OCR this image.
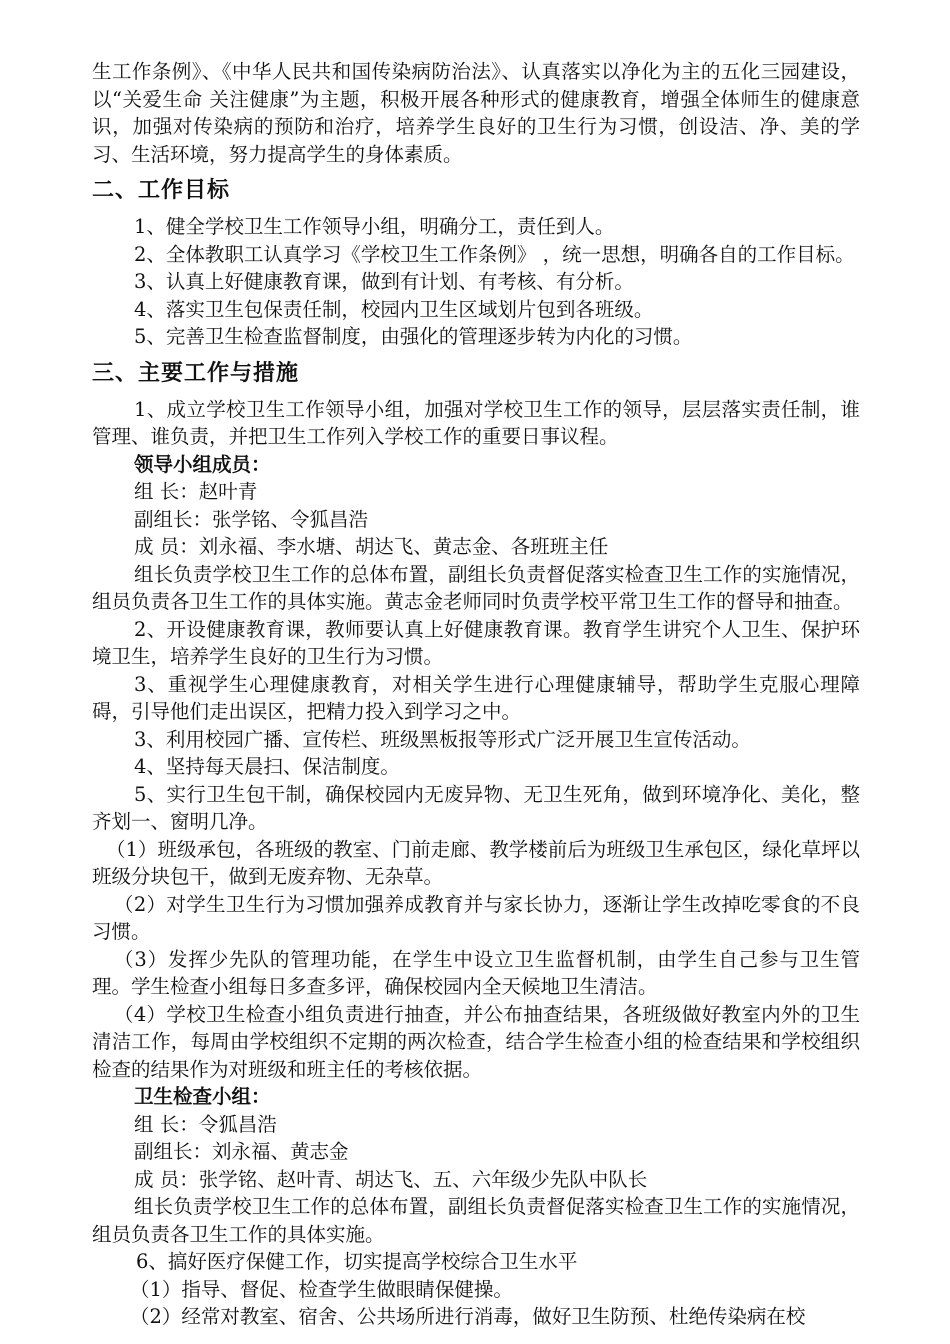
生工作条例》、《中华人民共和国传染病防治法》、认真落实以净化为主的五化三园建设，以“关爱生命 关注健康”为主题，积极开展各种形式的健康教育，增强全体师生的健康意识，加强对传染病的预防和治疗，培养学生良好的卫生行为习惯，创设洁、净、美的学习、生活环境，努力提高学生的身体素质。

二、工作目标

1、健全学校卫生工作领导小组，明确分工，责任到人。

2、全体教职工认真学习《学校卫生工作条例》 ，统一思想，明确各自的工作目标。

3、认真上好健康教育课，做到有计划、有考核、有分析。

4、落实卫生包保责任制，校园内卫生区域划片包到各班级。

5、完善卫生检查监督制度，由强化的管理逐步转为内化的习惯。

三、主要工作与措施

1、成立学校卫生工作领导小组，加强对学校卫生工作的领导，层层落实责任制，谁管理、谁负责，并把卫生工作列入学校工作的重要日事议程。

领导小组成员：

组 长：赵叶青

副组长：张学铭、令狐昌浩

成 员：刘永福、李水塘、胡达飞、黄志金、各班班主任

组长负责学校卫生工作的总体布置，副组长负责督促落实检查卫生工作的实施情况，组员负责各卫生工作的具体实施。黄志金老师同时负责学校平常卫生工作的督导和抽查。

2、开设健康教育课，教师要认真上好健康教育课。教育学生讲究个人卫生、保护环境卫生，培养学生良好的卫生行为习惯。

3、重视学生心理健康教育，对相关学生进行心理健康辅导，帮助学生克服心理障碍，引导他们走出误区，把精力投入到学习之中。

3、利用校园广播、宣传栏、班级黑板报等形式广泛开展卫生宣传活动。

4、坚持每天晨扫、保洁制度。

5、实行卫生包干制，确保校园内无废异物、无卫生死角，做到环境净化、美化，整齐划一、窗明几净。

（1）班级承包，各班级的教室、门前走廊、教学楼前后为班级卫生承包区，绿化草坪以班级分块包干，做到无废弃物、无杂草。

（2）对学生卫生行为习惯加强养成教育并与家长协力，逐渐让学生改掉吃零食的不良习惯。

（3）发挥少先队的管理功能，在学生中设立卫生监督机制，由学生自己参与卫生管理。学生检查小组每日多查多评，确保校园内全天候地卫生清洁。

（4）学校卫生检查小组负责进行抽查，并公布抽查结果，各班级做好教室内外的卫生清洁工作，每周由学校组织不定期的两次检查，结合学生检查小组的检查结果和学校组织检查的结果作为对班级和班主任的考核依据。

卫生检查小组：

组 长：令狐昌浩

副组长：刘永福、黄志金

成 员：张学铭、赵叶青、胡达飞、五、六年级少先队中队长

组长负责学校卫生工作的总体布置，副组长负责督促落实检查卫生工作的实施情况，组员负责各卫生工作的具体实施。

6、搞好医疗保健工作，切实提高学校综合卫生水平

（1）指导、督促、检查学生做眼睛保健操。

（2）经常对教室、宿舍、公共场所进行消毒，做好卫生防预、杜绝传染病在校
